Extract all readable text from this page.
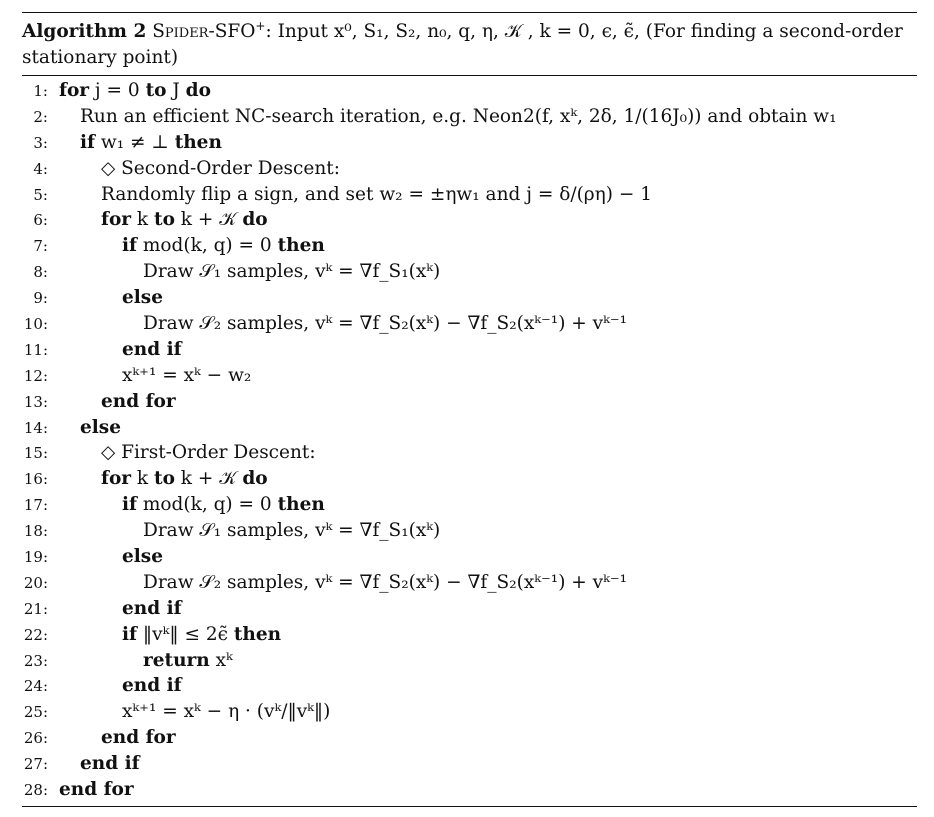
Algorithm 2 Spider-SFO+: Input x⁰, S₁, S₂, n₀, q, η, 𝒦 , k = 0, ϵ, ϵ̃, (For finding a second-order stationary point)
1: for j = 0 to J do
2: Run an efficient NC-search iteration, e.g. Neon2(f, xᵏ, 2δ, 1/(16J₀)) and obtain w₁
3: if w₁ ≠ ⊥ then
4:	◇ Second-Order Descent:
5:	Randomly flip a sign, and set w₂ = ±ηw₁ and j = δ/(ρη) − 1
6:	for k to k + 𝒦 do
7:	if mod(k, q) = 0 then
8:	Draw 𝒮₁ samples, vᵏ = ∇f_S₁(xᵏ)
9:	else
10:	Draw 𝒮₂ samples, vᵏ = ∇f_S₂(xᵏ) − ∇f_S₂(xᵏ⁻¹) + vᵏ⁻¹
11:	end if
12:	xᵏ⁺¹ = xᵏ − w₂
13:	end for
14: else
15:	◇ First-Order Descent:
16:	for k to k + 𝒦 do
17:	if mod(k, q) = 0 then
18:	Draw 𝒮₁ samples, vᵏ = ∇f_S₁(xᵏ)
19:	else
20:	Draw 𝒮₂ samples, vᵏ = ∇f_S₂(xᵏ) − ∇f_S₂(xᵏ⁻¹) + vᵏ⁻¹
21:	end if
22:	if ‖vᵏ‖ ≤ 2ϵ̃ then
23:	return xᵏ
24:	end if
25:	xᵏ⁺¹ = xᵏ − η · (vᵏ/‖vᵏ‖)
26:	end for
27: end if
28: end for
